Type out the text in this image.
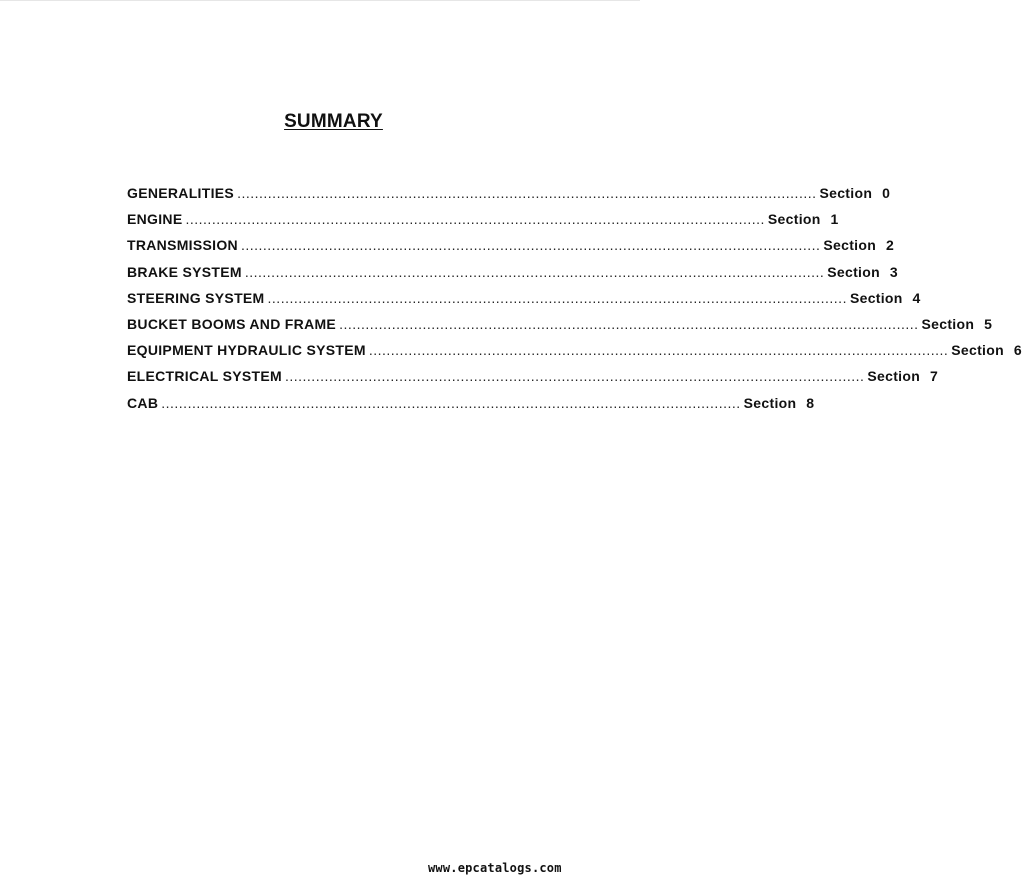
SUMMARY
GENERALITIES .................................................................................................................................... Section 0
ENGINE .................................................................................................................................... Section 1
TRANSMISSION .................................................................................................................................... Section 2
BRAKE SYSTEM .................................................................................................................................... Section 3
STEERING SYSTEM .................................................................................................................................... Section 4
BUCKET BOOMS AND FRAME .................................................................................................................................... Section 5
EQUIPMENT HYDRAULIC SYSTEM .................................................................................................................................... Section 6
ELECTRICAL SYSTEM .................................................................................................................................... Section 7
CAB .................................................................................................................................... Section 8
www.epcatalogs.com
